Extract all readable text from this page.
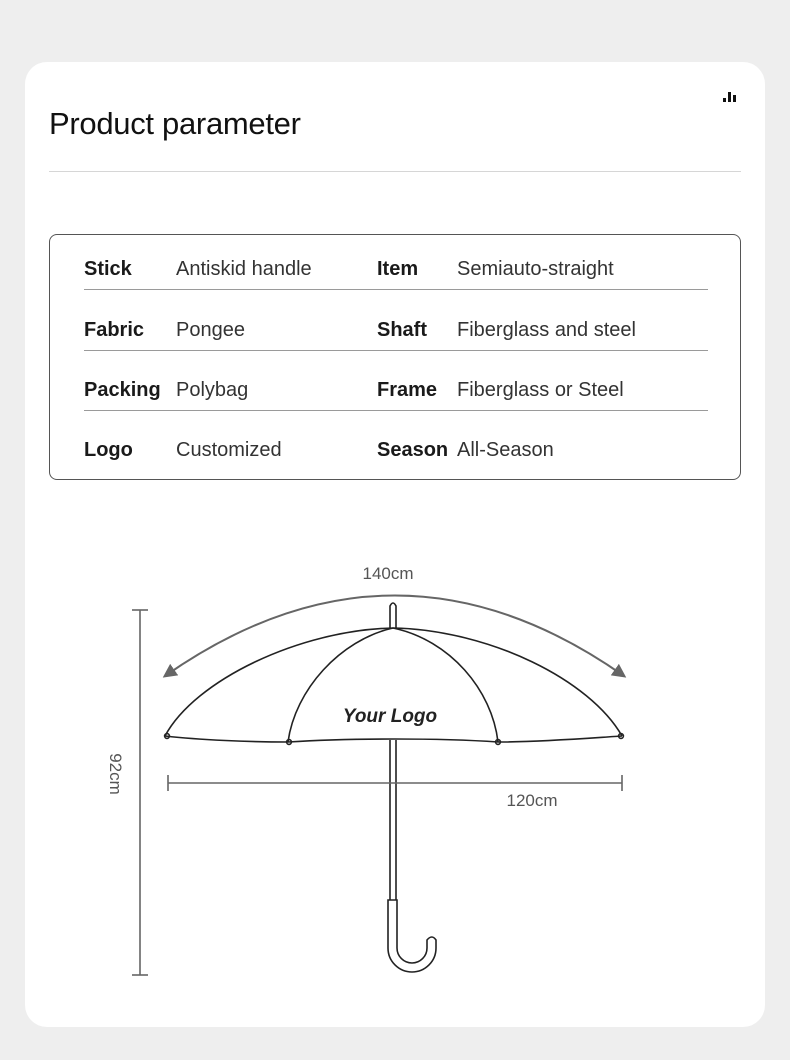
Product parameter
Stick Antiskid handle	Item Semiauto-straight
Fabric Pongee	Shaft Fiberglass and steel
Packing Polybag	Frame Fiberglass or Steel
Logo Customized	Season All-Season
140cm
Your Logo
120cm
92cm
